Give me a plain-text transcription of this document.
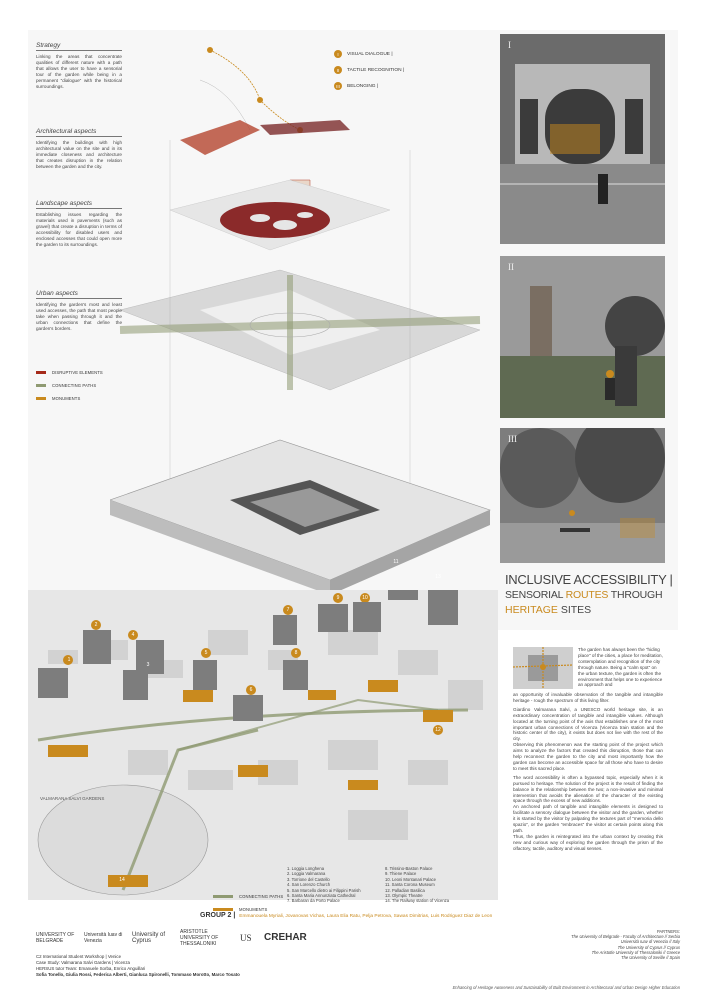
I	VISUAL DIALOGUE |
II	TACTILE RECOGNITION |
III	BELONGING |
Strategy
Linking the areas that concentrate qualities of different nature with a path that allows the user to have a sensorial tour of the garden while being in a permanent "dialogue" with the historical surroundings.
Architectural aspects
Identifying the buildings with high architectural value on the site and in its immediate closeness and architecture that creates disruption in the relation between the garden and the city.
Landscape aspects
Establishing issues regarding the materials used in pavements (such as gravel) that create a disruption in terms of accessibility for disabled users and enclosed accesses that could open more the garden to its surroundings.
Urban aspects
Identifying the garden's most and least used accesses, the path that most people take when passing through it and the urban connections that define the garden's borders.
DISRUPTIVE ELEMENTS
CONNECTING PATHS
MONUMENTS
I
II
III
VALMARANA SALVI GARDENS
1
2
3
4
5
6
7
8
9	10
11
12
13
14
1. Loggia Longhena
2. Loggia Valmarana
3. Torrione del Castello
4. San Lorenzo Church
5. San Marcello dietro ai Filippini Parish
6. Santa Maria Annunziata Cathedral
7. Barbaran da Porto Palace
8. Trissino-Baston Palace
9. Thiene Palace
10. Leoni Montanari Palace
11. Santa Corona Museum
12. Palladian Basilica
13. Olympic Theatre
14. The Railway station of Vicenza
CONNECTING PATHS
MONUMENTS
INCLUSIVE ACCESSIBILITY |
SENSORIAL ROUTES THROUGH
HERITAGE SITES
The garden has always been the "hiding place" of the cities, a place for meditation, contemplation and recognition of the city through nature. Being a "calm spot" on the urban texture, the garden is often the environment that helps one to experience an approach and

an opportunity of invaluable observation of the tangible and intangible heritage - rough the spectrum of this living filter.

Giardino Valmarana Salvi, a UNESCO world heritage site, is an extraordinary concentration of tangible and intangible values. Although located at the turning point of the axis that establishes one of the most important urban connections of Vicenza (Vicenza train station and the historic center of the city), it exists but does not live with the rest of the city.

Observing this phenomenon was the starting point of the project which aims to analyze the factors that created this disruption, those that can help reconnect the garden to the city and most importantly how the garden can become an accessible space for all those who have to desire to meet this sacred place.

The word accessibility is often a bypassed topic, especially when it is pursued to heritage. The solution of the project is the result of finding the balance in the relationship between the two; a non-invasive and minimal intervention that avoids the alienation of the character of the existing space through the excess of new additions.

An anchored path of tangible and intangible elements is designed to facilitate a sensory dialogue between the visitor and the garden, whether it is started by the visitor by palpating the textures part of "memoria dello spazio", or the garden "embraces" the visitor at certain points along this path.

Thus, the garden is reintegrated into the urban context by creating this new and curious way of exploring the garden through the prism of the olfactory, tactile, auditory and visual senses.

GROUP 2 | Emmanouela Myriali, Jovanovas Vichas, Laura Elia Ratu, Pelja Petrova, Sawas Dimitrias, Luis Rodriguez Diaz de Leon
UNIVERSITY OF BELGRADE
Università Iuav di Venezia
University of Cyprus
ARISTOTLE UNIVERSITY OF THESSALONIKI
US	CREHAR
C2 International Student Workshop | Venice
Case Study: Valmarana Salvi Gardens | Vicenza
HERSUS tutor Team: Emanuele Sorba, Enrico Anguillari
Sofia Tonello, Giulia Rossi, Federica Alberti, Gianluca Spironelli, Tommaso Morotto, Marco Tosato
PARTNERS:
The University of Belgrade - Faculty of Architecture // Serbia
Università Iuav di Venezia // Italy
The University of Cyprus // Cyprus
The Aristotle University of Thessaloniki // Greece
The University of Seville // Spain
Enhancing of Heritage Awareness and Sustainability of Built Environment in Architectural and Urban Design Higher Education
